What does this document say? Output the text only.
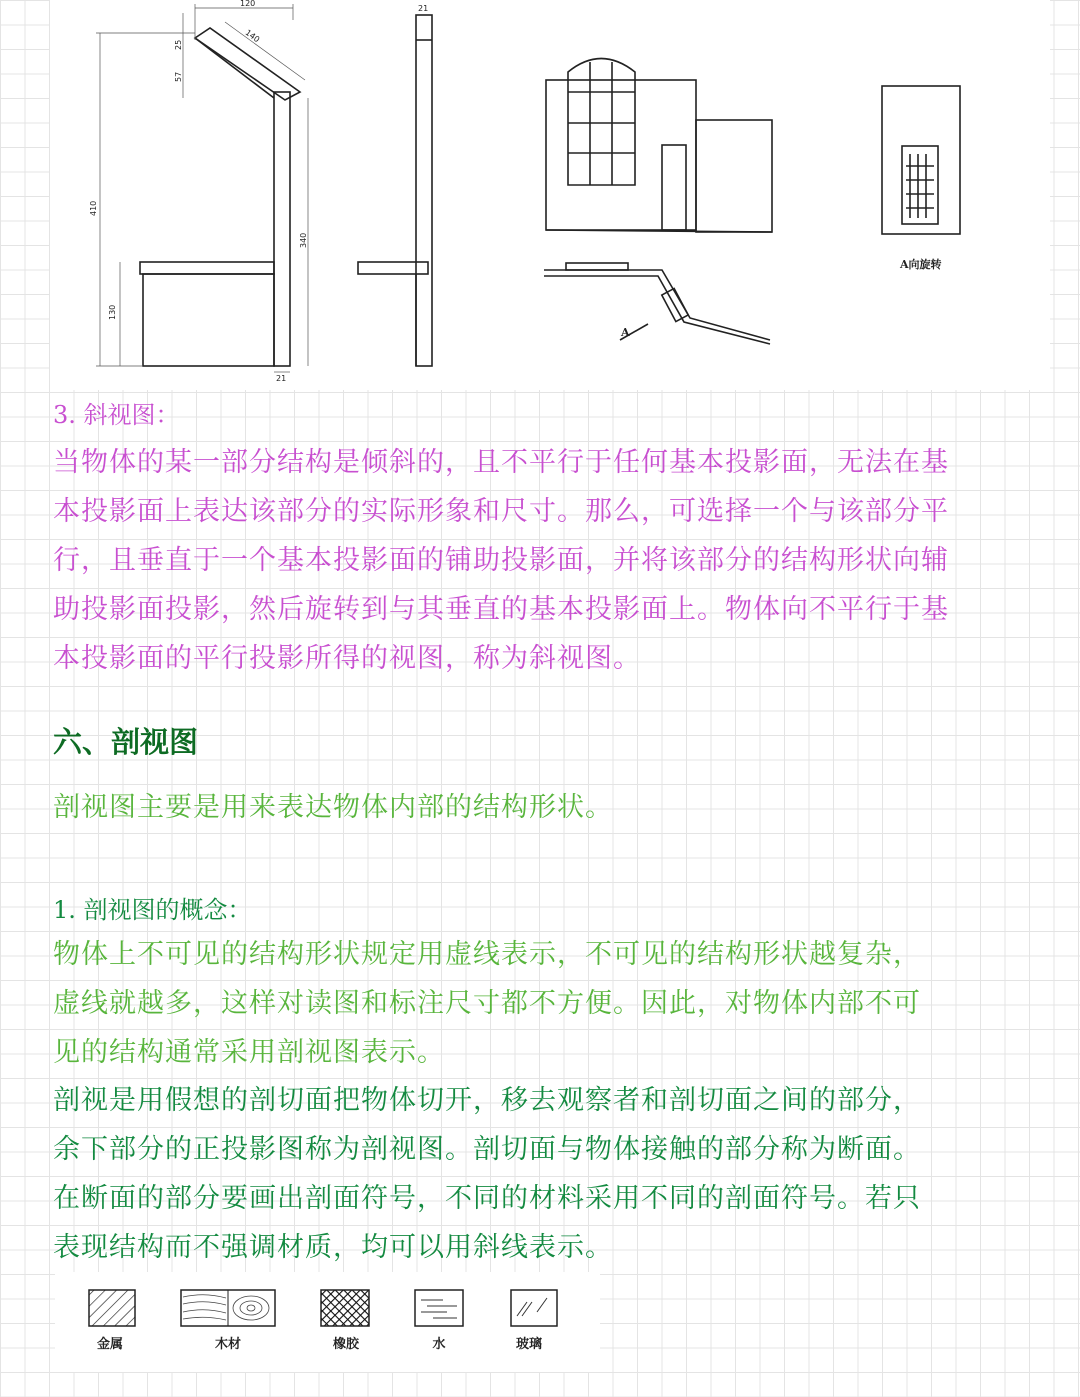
120
140
25
57
410
340
130
21
21
A
A向旋转
3. 斜视图：
当物体的某一部分结构是倾斜的，且不平行于任何基本投影面，无法在基
本投影面上表达该部分的实际形象和尺寸。那么，可选择一个与该部分平
行，且垂直于一个基本投影面的铺助投影面，并将该部分的结构形状向辅
助投影面投影，然后旋转到与其垂直的基本投影面上。物体向不平行于基
本投影面的平行投影所得的视图，称为斜视图。
六、剖视图
剖视图主要是用来表达物体内部的结构形状。
1. 剖视图的概念：
物体上不可见的结构形状规定用虚线表示，不可见的结构形状越复杂，
虚线就越多，这样对读图和标注尺寸都不方便。因此，对物体内部不可
见的结构通常采用剖视图表示。
剖视是用假想的剖切面把物体切开，移去观察者和剖切面之间的部分，
余下部分的正投影图称为剖视图。剖切面与物体接触的部分称为断面。
在断面的部分要画出剖面符号，不同的材料采用不同的剖面符号。若只
表现结构而不强调材质，均可以用斜线表示。
金属	木材	橡胶	水	玻璃
